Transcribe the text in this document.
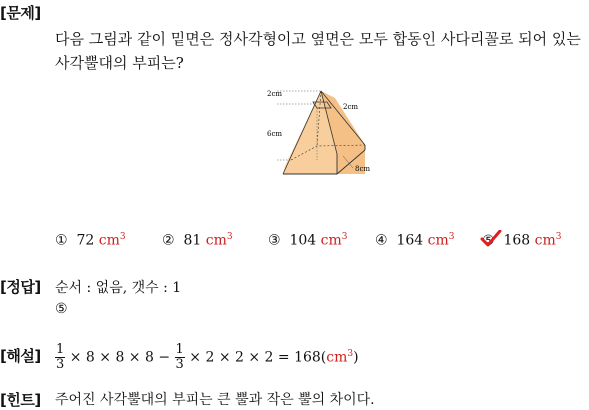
[문제]
다음 그림과 같이 밑면은 정사각형이고 옆면은 모두 합동인 사다리꼴로 되어 있는
사각뿔대의 부피는?
2cm
2cm
6cm
8cm
① 72 $cm^3$	② 81 $cm^3$	③ 104 $cm^3$ ④ 164 $cm^3$ ⑤ 168 $cm^3$
[정답] 순서 : 없음, 갯수 : 1
⑤
[해설] $\frac{1}{3} \times 8 \times 8 \times 8 - \frac{1}{3} \times 2 \times 2 \times 2 = 168(cm^3)$
[힌트] 주어진 사각뿔대의 부피는 큰 뿔과 작은 뿔의 차이다.
